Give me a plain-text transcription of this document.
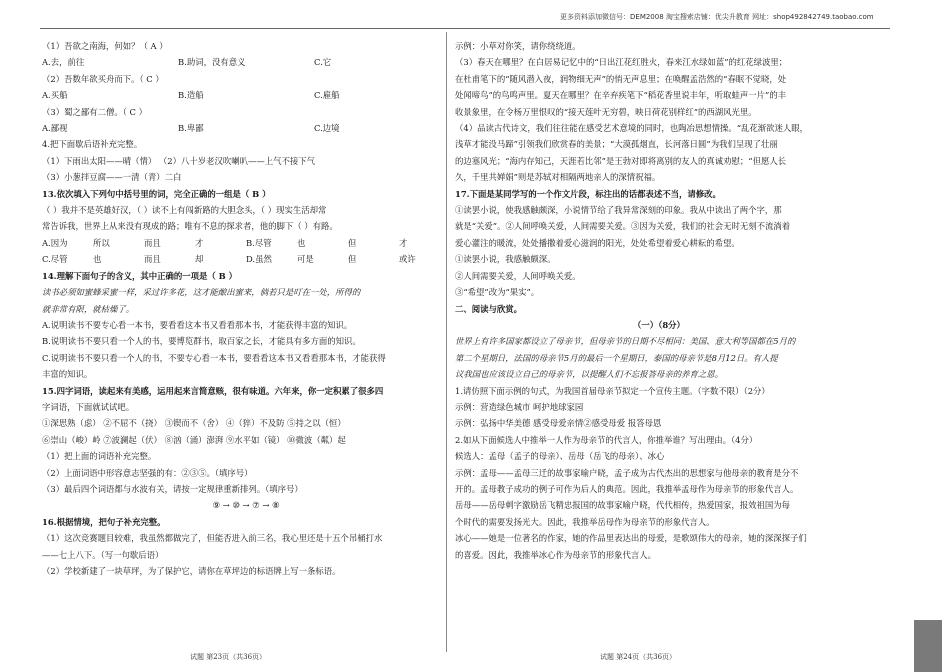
更多资料添加微信号：DEM2008 淘宝搜索店铺：优尖升教育 网址：shop492842749.taobao.com
（1）吾欲之南海，何如？（ A ）
A.去，前往	B.助词，没有意义	C.它
（2）吾数年欲买舟而下。（ C ）
A.买船	B.造船	C.雇船
（3）蜀之鄙有二僧。（ C ）
A.鄙视	B.卑鄙	C.边境
4.把下面歇后语补充完整。
（1）下雨出太阳——晴（情） （2）八十岁老汉吹喇叭——上气不接下气
（3）小葱拌豆腐——一清（青）二白
13.依次填入下列句中括号里的词，完全正确的一组是（ B ）
（ ）我并不是英雄好汉，（ ）读不上有闯新路的大胆念头，（ ）现实生活却常
常告诉我，世界上从来没有现成的路；唯有不息的探求者，他的脚下（ ）有路。
A.因为	所以	而且	才	B.尽管	也	但	才
C.尽管	也	而且	却	D.虽然	可是	但	或许
14.理解下面句子的含义，其中正确的一项是（ B ）
读书必须如蜜蜂采蜜一样，采过许多花，这才能酿出蜜来，倘若只是叮在一处，所得的
就非常有限，就枯燥了。
A.说明读书不要专心看一本书，要看看这本书又看看那本书，才能获得丰富的知识。
B.说明读书不要只看一个人的书，要博览群书，取百家之长，才能具有多方面的知识。
C.说明读书不要只看一个人的书，不要专心看一本书，要看看这本书又看看那本书，才能获得
丰富的知识。
15.四字词语，读起来有美感，运用起来言简意赅，很有味道。六年来，你一定积累了很多四
字词语，下面就试试吧。
①深思熟（虑） ②不屈不（挠） ③锲而不（舍） ④（猝）不及防 ⑤持之以（恒）
⑥崇山（峻）岭 ⑦波澜起（伏） ⑧汹（涌）澎湃 ⑨水平如（镜） ⑩微波（粼）起
（1）把上面的词语补充完整。
（2）上面词语中形容意志坚强的有：②③⑤。（填序号）
（3）最后四个词语都与水波有关，请按一定规律重新排列。（填序号）
⑨ → ⑩ → ⑦ → ⑧
16.根据情境，把句子补充完整。
（1）这次竞赛题目较难，我虽然都做完了，但能否进入前三名，我心里还是十五个吊桶打水
——七上八下。（写一句歇后语）
（2）学校新建了一块草坪，为了保护它，请你在草坪边的标语牌上写一条标语。
示例：小草对你笑，请你绕绕道。
（3）春天在哪里？在白居易记忆中的“日出江花红胜火，春来江水绿如蓝”的红花绿波里；
在杜甫笔下的“随风潜入夜，润物细无声”的悄无声息里；在唤醒孟浩然的“春眠不觉晓，处
处闻啼鸟”的鸟鸣声里。夏天在哪里？在辛弃疾笔下“稻花香里说丰年，听取蛙声一片”的丰
收景象里，在令杨万里恨叹的“接天莲叶无穷碧，映日荷花别样红”的西湖风光里。
（4）品读古代诗文，我们往往能在感受艺术意境的同时，也陶冶思想情操。“乱花渐欲迷人眼，
浅草才能没马蹄”引领我们欣赏春的美景；“大漠孤烟直，长河落日圆”为我们呈现了壮丽
的边塞风光；“海内存知己，天涯若比邻”是王勃对即将离别的友人的真诚劝慰；“但愿人长
久，千里共婵娟”则是苏轼对相隔两地亲人的深情祝福。
17.下面是某同学写的一个作文片段，标注出的话都表述不当，请修改。
①读罢小说，使我感触颇深，小说情节给了我异常深刻的印象。我从中读出了两个字，那
就是“关爱”。②人间呼唤关爱，人间需要关爱。③因为关爱，我们的社会无时无刻不流淌着
爱心灌注的暖流，处处播撒着爱心滋润的阳光，处处希望着爱心耕耘的希望。
①读罢小说，我感触颇深。
②人间需要关爱，人间呼唤关爱。
③“希望”改为“果实”。
二、阅读与欣赏。
（一）（8分）
世界上有许多国家都设立了母亲节，但母亲节的日期不尽相同：美国、意大利等国都在5月的
第二个星期日，法国的母亲节5月的最后一个星期日，泰国的母亲节是8月12日。有人提
议我国也应该设立自己的母亲节，以提醒人们不忘报答母亲的养育之恩。
1.请仿照下面示例的句式，为我国首届母亲节拟定一个宣传主题。（字数不限）（2分）
示例：营造绿色城市 呵护地球家园
示例：弘扬中华美德 感受母爱亲情②感受母爱 报答母恩
2.如从下面候选人中推举一人作为母亲节的代言人，你推举谁？写出理由。（4分）
候选人：孟母（孟子的母亲）、岳母（岳飞的母亲）、冰心
示例：孟母——孟母三迁的故事家喻户晓，孟子成为古代杰出的思想家与他母亲的教育是分不
开的。孟母教子成功的例子可作为后人的典范。因此，我推举孟母作为母亲节的形象代言人。
岳母——岳母刺字激励岳飞精忠报国的故事家喻户晓，代代相传，热爱国家，报效祖国为每
个时代的需要发扬光大。因此，我推举岳母作为母亲节的形象代言人。
冰心——她是一位著名的作家，她的作品里表达出的母爱，是歌颂伟大的母亲，她的深深探子们
的喜爱。因此，我推举冰心作为母亲节的形象代言人。
试题 第23页（共36页）	试题 第24页（共36页）
